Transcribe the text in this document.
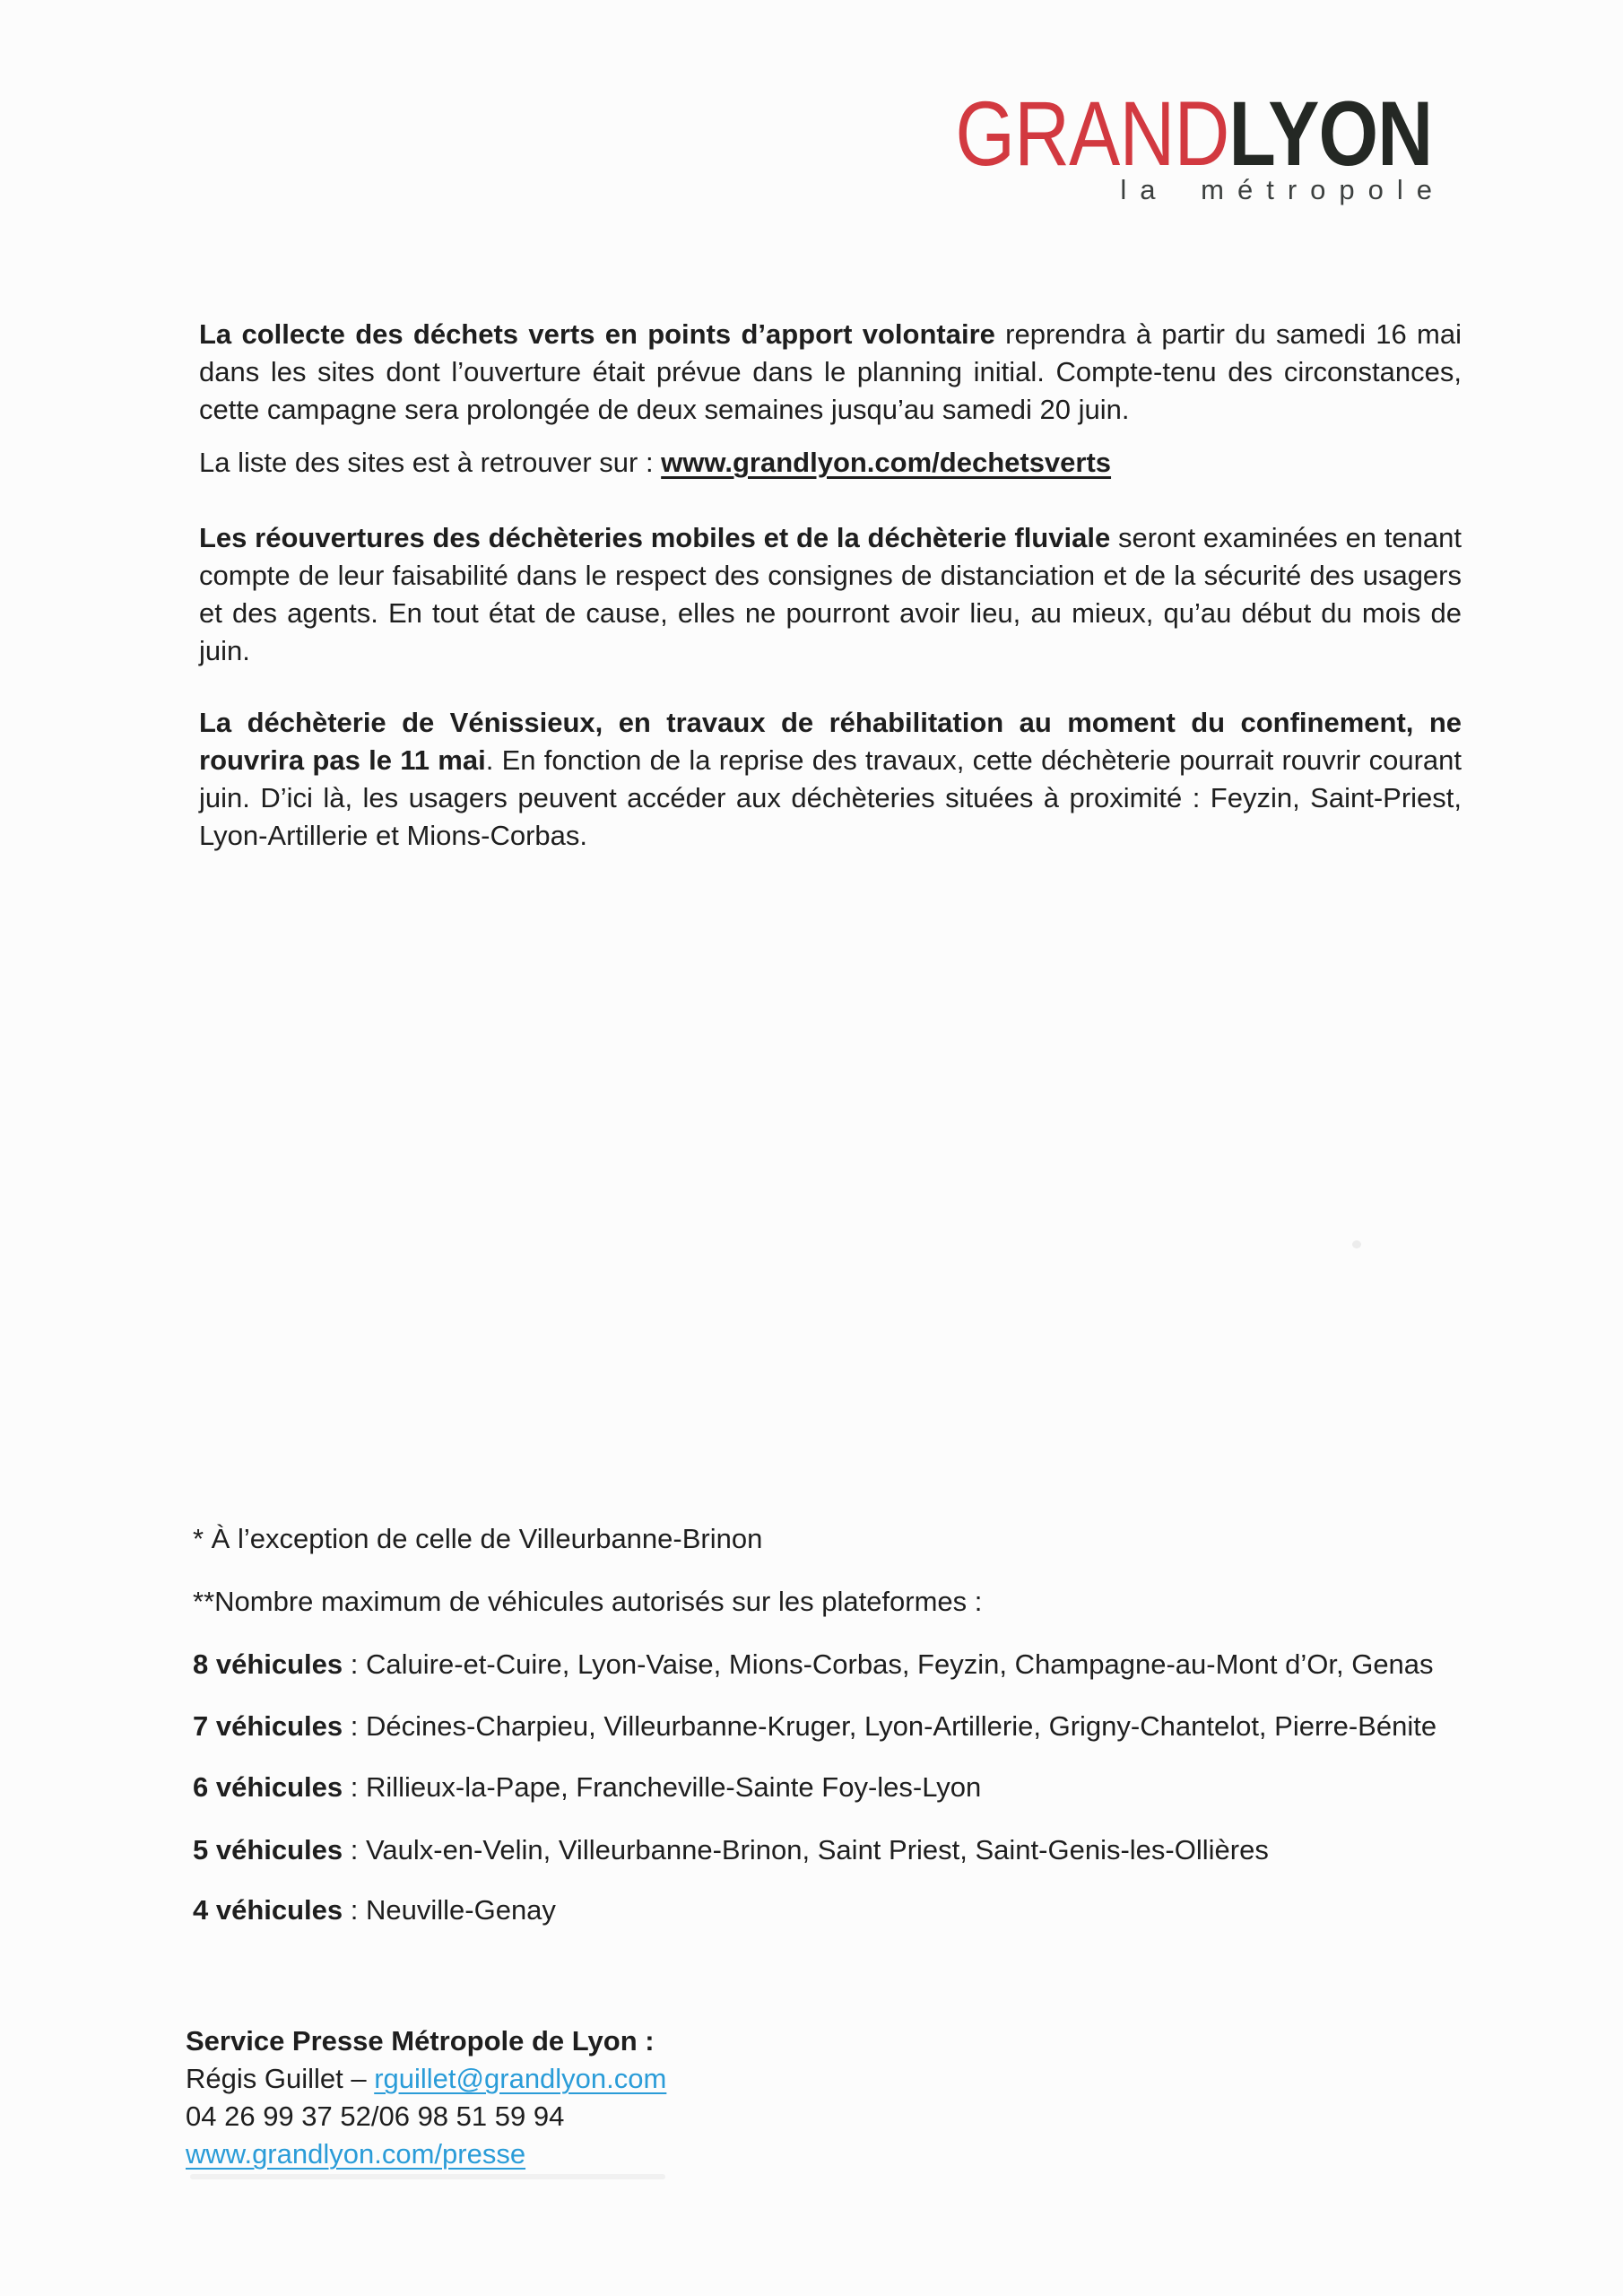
GRANDLYON
la métropole

La collecte des déchets verts en points d’apport volontaire reprendra à partir du samedi 16 mai dans les sites dont l’ouverture était prévue dans le planning initial. Compte-tenu des circonstances, cette campagne sera prolongée de deux semaines jusqu’au samedi 20 juin.

La liste des sites est à retrouver sur : www.grandlyon.com/dechetsverts

Les réouvertures des déchèteries mobiles et de la déchèterie fluviale seront examinées en tenant compte de leur faisabilité dans le respect des consignes de distanciation et de la sécurité des usagers et des agents. En tout état de cause, elles ne pourront avoir lieu, au mieux, qu’au début du mois de juin.

La déchèterie de Vénissieux, en travaux de réhabilitation au moment du confinement, ne rouvrira pas le 11 mai. En fonction de la reprise des travaux, cette déchèterie pourrait rouvrir courant juin. D’ici là, les usagers peuvent accéder aux déchèteries situées à proximité : Feyzin, Saint-Priest, Lyon-Artillerie et Mions-Corbas.

* À l’exception de celle de Villeurbanne-Brinon

**Nombre maximum de véhicules autorisés sur les plateformes :

8 véhicules : Caluire-et-Cuire, Lyon-Vaise, Mions-Corbas, Feyzin, Champagne-au-Mont d’Or, Genas

7 véhicules : Décines-Charpieu, Villeurbanne-Kruger, Lyon-Artillerie, Grigny-Chantelot, Pierre-Bénite

6 véhicules : Rillieux-la-Pape, Francheville-Sainte Foy-les-Lyon

5 véhicules : Vaulx-en-Velin, Villeurbanne-Brinon, Saint Priest, Saint-Genis-les-Ollières

4 véhicules : Neuville-Genay

Service Presse Métropole de Lyon :

Régis Guillet – rguillet@grandlyon.com

04 26 99 37 52/06 98 51 59 94

www.grandlyon.com/presse
